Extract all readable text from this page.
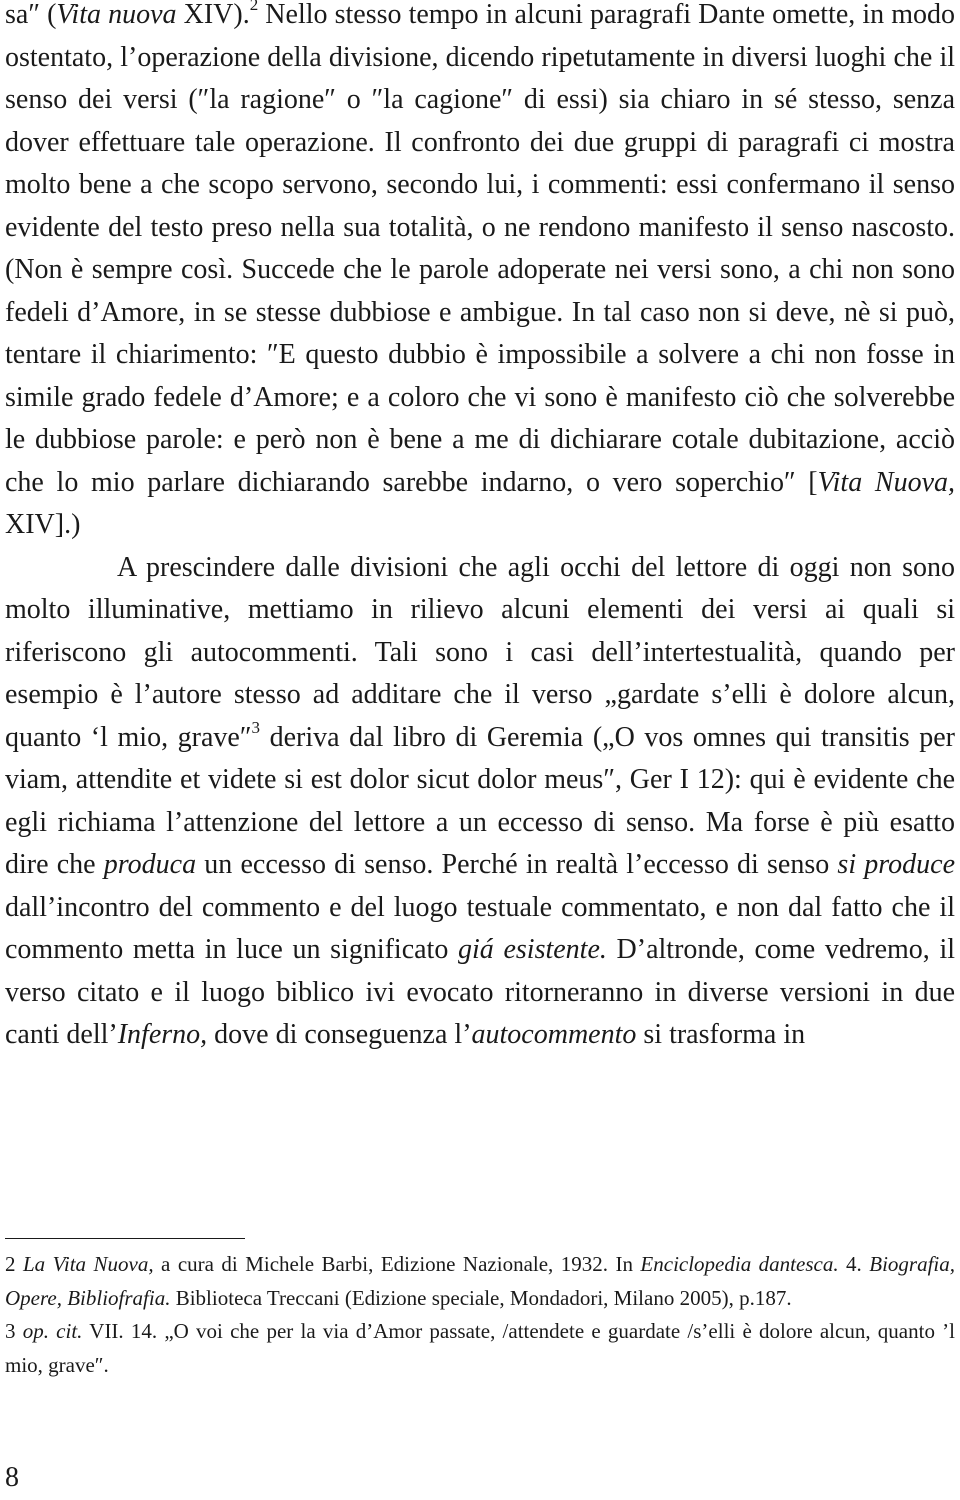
sa″ (Vita nuova XIV).$^2$ Nello stesso tempo in alcuni paragrafi Dante omette, in modo ostentato, l’operazione della divisione, dicendo ripetutamente in diversi luoghi che il senso dei versi (″la ragione″ o ″la cagione″ di essi) sia chiaro in sé stesso, senza dover effettuare tale operazione. Il confronto dei due gruppi di paragrafi ci mostra molto bene a che scopo servono, secondo lui, i commenti: essi confermano il senso evidente del testo preso nella sua totalità, o ne rendono manifesto il senso nascosto. (Non è sempre così. Succede che le parole adoperate nei versi sono, a chi non sono fedeli d’Amore, in se stesse dubbiose e ambigue. In tal caso non si deve, nè si può, tentare il chiarimento: ″E questo dubbio è impossibile a solvere a chi non fosse in simile grado fedele d’Amore; e a coloro che vi sono è manifesto ciò che solverebbe le dubbiose parole: e però non è bene a me di dichiarare cotale dubitazione, acciò che lo mio parlare dichiarando sarebbe indarno, o vero soperchio″ [Vita Nuova, XIV].)

A prescindere dalle divisioni che agli occhi del lettore di oggi non sono molto illuminative, mettiamo in rilievo alcuni elementi dei versi ai quali si riferiscono gli autocommenti. Tali sono i casi dell’intertestualità, quando per esempio è l’autore stesso ad additare che il verso „gardate s’elli è dolore alcun, quanto ‘l mio, grave″$^3$ deriva dal libro di Geremia („O vos omnes qui transitis per viam, attendite et videte si est dolor sicut dolor meus″, Ger I 12): qui è evidente che egli richiama l’attenzione del lettore a un eccesso di senso. Ma forse è più esatto dire che produca un eccesso di senso. Perché in realtà l’eccesso di senso si produce dall’incontro del commento e del luogo testuale commentato, e non dal fatto che il commento metta in luce un significato giá esistente. D’altronde, come vedremo, il verso citato e il luogo biblico ivi evocato ritorneranno in diverse versioni in due canti dell’Inferno, dove di conseguenza l’autocommento si trasforma in

2 La Vita Nuova, a cura di Michele Barbi, Edizione Nazionale, 1932. In Enciclopedia dantesca. 4. Biografia, Opere, Bibliofrafia. Biblioteca Treccani (Edizione speciale, Mondadori, Milano 2005), p.187.

3 op. cit. VII. 14. „O voi che per la via d’Amor passate, /attendete e guardate /s’elli è dolore alcun, quanto ’l mio, grave″.

8
